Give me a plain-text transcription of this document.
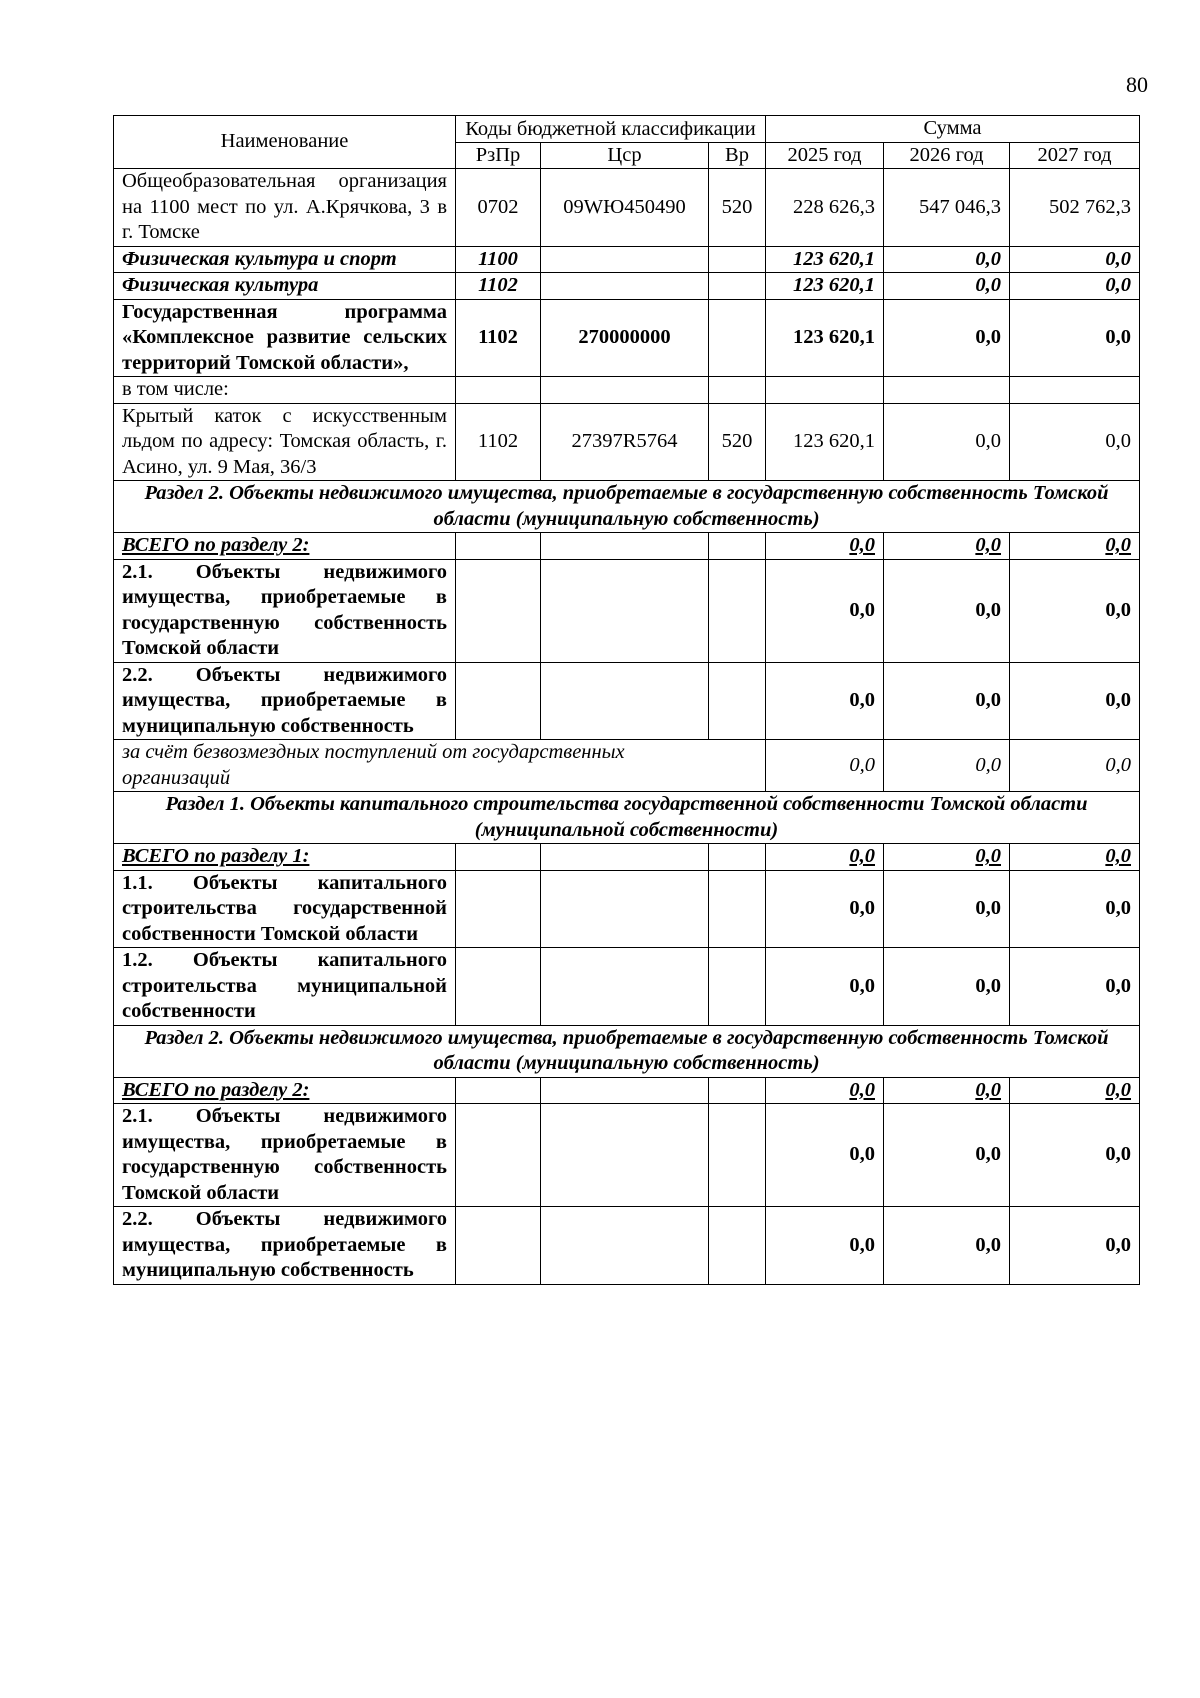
80
Наименование	Коды бюджетной классификации			Сумма		
	РзПр	Цср	Вр	2025 год	2026 год	2027 год
Общеобразовательная организация на 1100 мест по ул. А.Крячкова, 3 в г. Томске	0702	09WЮ450490	520	228 626,3	547 046,3	502 762,3
Физическая культура и спорт	1100			123 620,1	0,0	0,0
Физическая культура	1102			123 620,1	0,0	0,0
Государственная программа «Комплексное развитие сельских территорий Томской области»,	1102	270000000		123 620,1	0,0	0,0
в том числе:						
Крытый каток с искусственным льдом по адресу: Томская область, г. Асино, ул. 9 Мая, 36/3	1102	27397R5764	520	123 620,1	0,0	0,0
Раздел 2. Объекты недвижимого имущества, приобретаемые в государственную собственность Томской области (муниципальную собственность)						
ВСЕГО по разделу 2:				0,0	0,0	0,0
2.1. Объекты недвижимого имущества, приобретаемые в государственную собственность Томской области				0,0	0,0	0,0
2.2. Объекты недвижимого имущества, приобретаемые в муниципальную собственность				0,0	0,0	0,0
за счёт безвозмездных поступлений от государственных организаций				0,0	0,0	0,0
Раздел 1. Объекты капитального строительства государственной собственности Томской области (муниципальной собственности)						
ВСЕГО по разделу 1:				0,0	0,0	0,0
1.1. Объекты капитального строительства государственной собственности Томской области				0,0	0,0	0,0
1.2. Объекты капитального строительства муниципальной собственности				0,0	0,0	0,0
Раздел 2. Объекты недвижимого имущества, приобретаемые в государственную собственность Томской области (муниципальную собственность)						
ВСЕГО по разделу 2:				0,0	0,0	0,0
2.1. Объекты недвижимого имущества, приобретаемые в государственную собственность Томской области				0,0	0,0	0,0
2.2. Объекты недвижимого имущества, приобретаемые в муниципальную собственность				0,0	0,0	0,0
